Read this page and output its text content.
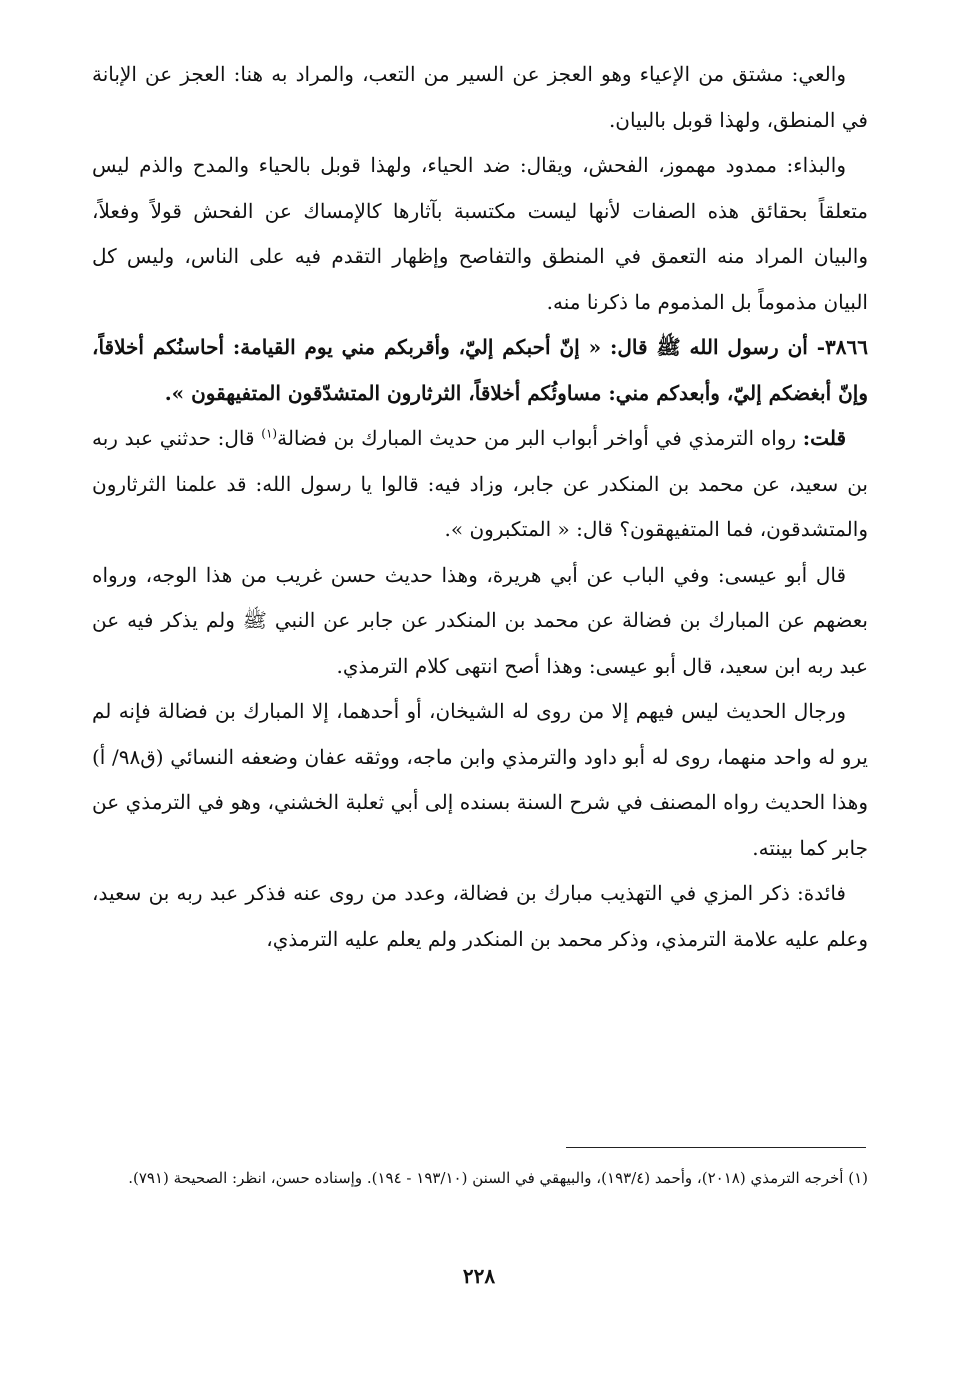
والعي: مشتق من الإعياء وهو العجز عن السير من التعب، والمراد به هنا: العجز عن الإبانة في المنطق، ولهذا قوبل بالبيان.

والبذاء: ممدود مهموز، الفحش، ويقال: ضد الحياء، ولهذا قوبل بالحياء والمدح والذم ليس متعلقاً بحقائق هذه الصفات لأنها ليست مكتسبة بآثارها كالإمساك عن الفحش قولاً وفعلاً، والبيان المراد منه التعمق في المنطق والتفاصح وإظهار التقدم فيه على الناس، وليس كل البيان مذموماً بل المذموم ما ذكرنا منه.

٣٨٦٦- أن رسول الله ﷺ قال: « إنّ أحبكم إليّ، وأقربكم مني يوم القيامة: أحاسنُكم أخلاقاً، وإنّ أبغضكم إليّ، وأبعدكم مني: مساوئُكم أخلاقاً، الثرثارون المتشدّقون المتفيهقون ».

قلت: رواه الترمذي في أواخر أبواب البر من حديث المبارك بن فضالة$^{(١)}$ قال: حدثني عبد ربه بن سعيد، عن محمد بن المنكدر عن جابر، وزاد فيه: قالوا يا رسول الله: قد علمنا الثرثارون والمتشدقون، فما المتفيهقون؟ قال: « المتكبرون ».

قال أبو عيسى: وفي الباب عن أبي هريرة، وهذا حديث حسن غريب من هذا الوجه، ورواه بعضهم عن المبارك بن فضالة عن محمد بن المنكدر عن جابر عن النبي ﷺ ولم يذكر فيه عن عبد ربه ابن سعيد، قال أبو عيسى: وهذا أصح انتهى كلام الترمذي.

ورجال الحديث ليس فيهم إلا من روى له الشيخان، أو أحدهما، إلا المبارك بن فضالة فإنه لم يرو له واحد منهما، روى له أبو داود والترمذي وابن ماجه، ووثقه عفان وضعفه النسائي (ق٩٨/ أ) وهذا الحديث رواه المصنف في شرح السنة بسنده إلى أبي ثعلبة الخشني، وهو في الترمذي عن جابر كما بينته.

فائدة: ذكر المزي في التهذيب مبارك بن فضالة، وعدد من روى عنه فذكر عبد ربه بن سعيد، وعلم عليه علامة الترمذي، وذكر محمد بن المنكدر ولم يعلم عليه الترمذي،

(١) أخرجه الترمذي (٢٠١٨)، وأحمد (١٩٣/٤)، والبيهقي في السنن (١٩٣/١٠ - ١٩٤). وإسناده حسن، انظر: الصحيحة (٧٩١).

٢٢٨
